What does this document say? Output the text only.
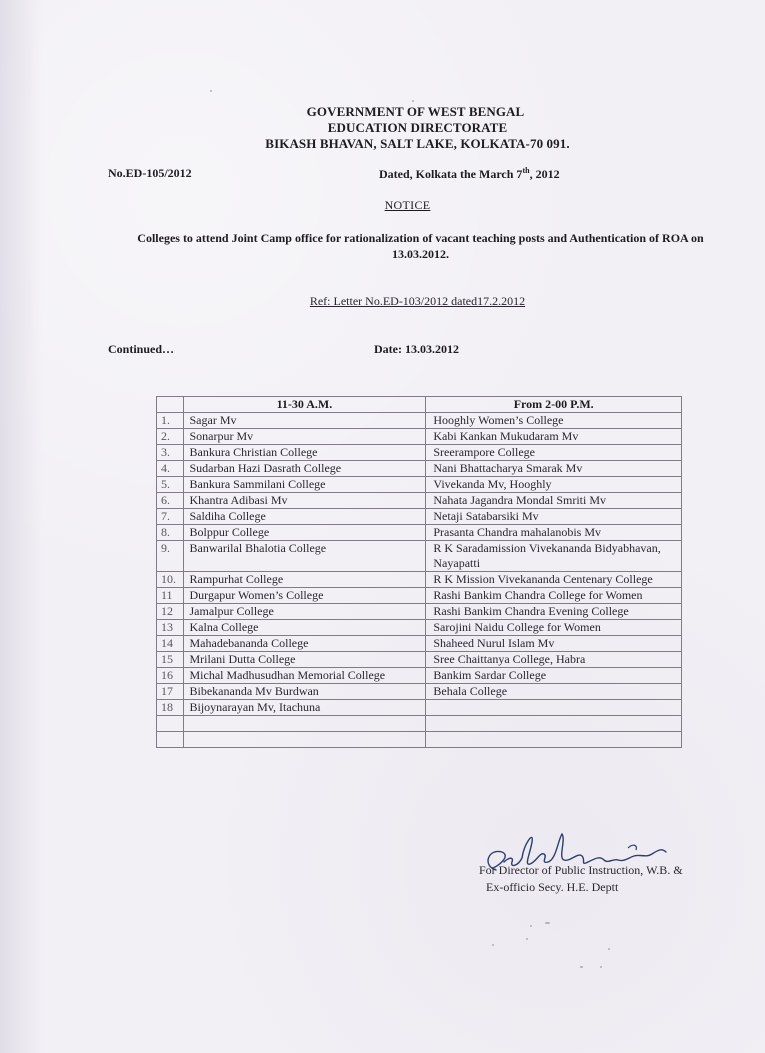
GOVERNMENT OF WEST BENGAL
EDUCATION DIRECTORATE
BIKASH BHAVAN, SALT LAKE, KOLKATA-70 091.
No.ED-105/2012	Dated, Kolkata the March 7th, 2012
NOTICE
Colleges to attend Joint Camp office for rationalization of vacant teaching posts and Authentication of ROA on 13.03.2012.
Ref: Letter No.ED-103/2012 dated17.2.2012
Continued…	Date: 13.03.2012
	11-30 A.M.	From 2-00 P.M.
1.	Sagar Mv	Hooghly Women’s College
2.	Sonarpur Mv	Kabi Kankan Mukudaram Mv
3.	Bankura Christian College	Sreerampore College
4.	Sudarban Hazi Dasrath College	Nani Bhattacharya Smarak Mv
5.	Bankura Sammilani College	Vivekanda Mv, Hooghly
6.	Khantra Adibasi Mv	Nahata Jagandra Mondal Smriti Mv
7.	Saldiha College	Netaji Satabarsiki Mv
8.	Bolppur College	Prasanta Chandra mahalanobis Mv
9.	Banwarilal Bhalotia College	R K Saradamission Vivekananda Bidyabhavan, Nayapatti
10.	Rampurhat College	R K Mission Vivekananda Centenary College
11	Durgapur Women’s College	Rashi Bankim Chandra College for Women
12	Jamalpur College	Rashi Bankim Chandra Evening College
13	Kalna College	Sarojini Naidu College for Women
14	Mahadebananda College	Shaheed Nurul Islam Mv
15	Mrilani Dutta College	Sree Chaittanya College, Habra
16	Michal Madhusudhan Memorial College	Bankim Sardar College
17	Bibekananda Mv Burdwan	Behala College
18	Bijoynarayan Mv, Itachuna	

For Director of Public Instruction, W.B. &
Ex-officio Secy. H.E. Deptt
